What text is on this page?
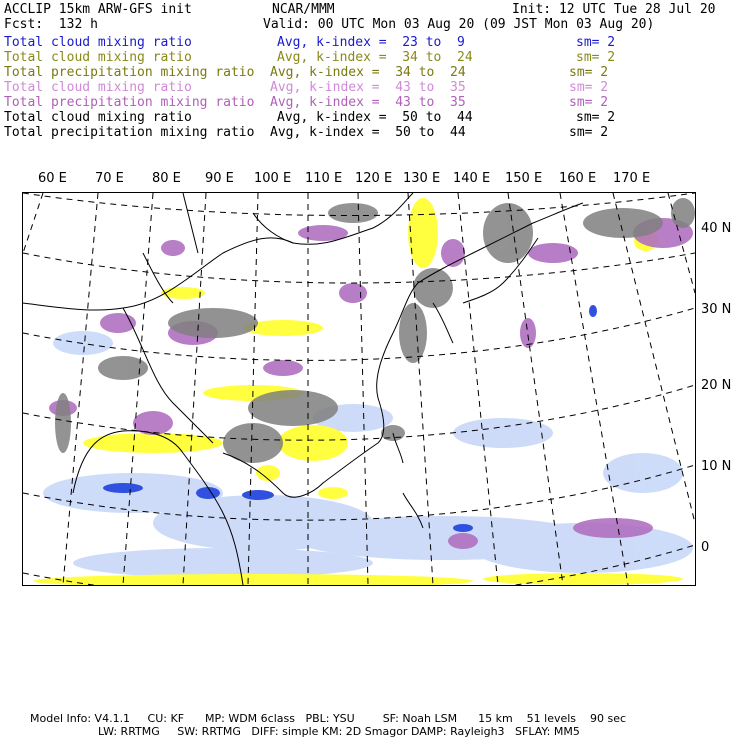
ACCLIP 15km ARW-GFS init	NCAR/MMM	Init: 12 UTC Tue 28 Jul 20
Fcst:  132 h	Valid: 00 UTC Mon 03 Aug 20 (09 JST Mon 03 Aug 20)
Total cloud mixing ratio	Avg, k-index =  23 to  9	sm= 2
Total cloud mixing ratio	Avg, k-index =  34 to  24	sm= 2
Total precipitation mixing ratio Avg, k-index =  34 to  24	sm= 2
Total cloud mixing ratio	Avg, k-index =  43 to  35	sm= 2
Total precipitation mixing ratio Avg, k-index =  43 to  35	sm= 2
Total cloud mixing ratio	Avg, k-index =  50 to  44	sm= 2
Total precipitation mixing ratio Avg, k-index =  50 to  44	sm= 2
60 E 70 E 80 E 90 E 100 E 110 E 120 E 130 E 140 E 150 E 160 E 170 E
40 N
30 N
20 N
10 N
0
Model Info: V4.1.1     CU: KF      MP: WDM 6class   PBL: YSU        SF: Noah LSM      15 km    51 levels    90 sec
LW: RRTMG     SW: RRTMG   DIFF: simple KM: 2D Smagor DAMP: Rayleigh3   SFLAY: MM5
